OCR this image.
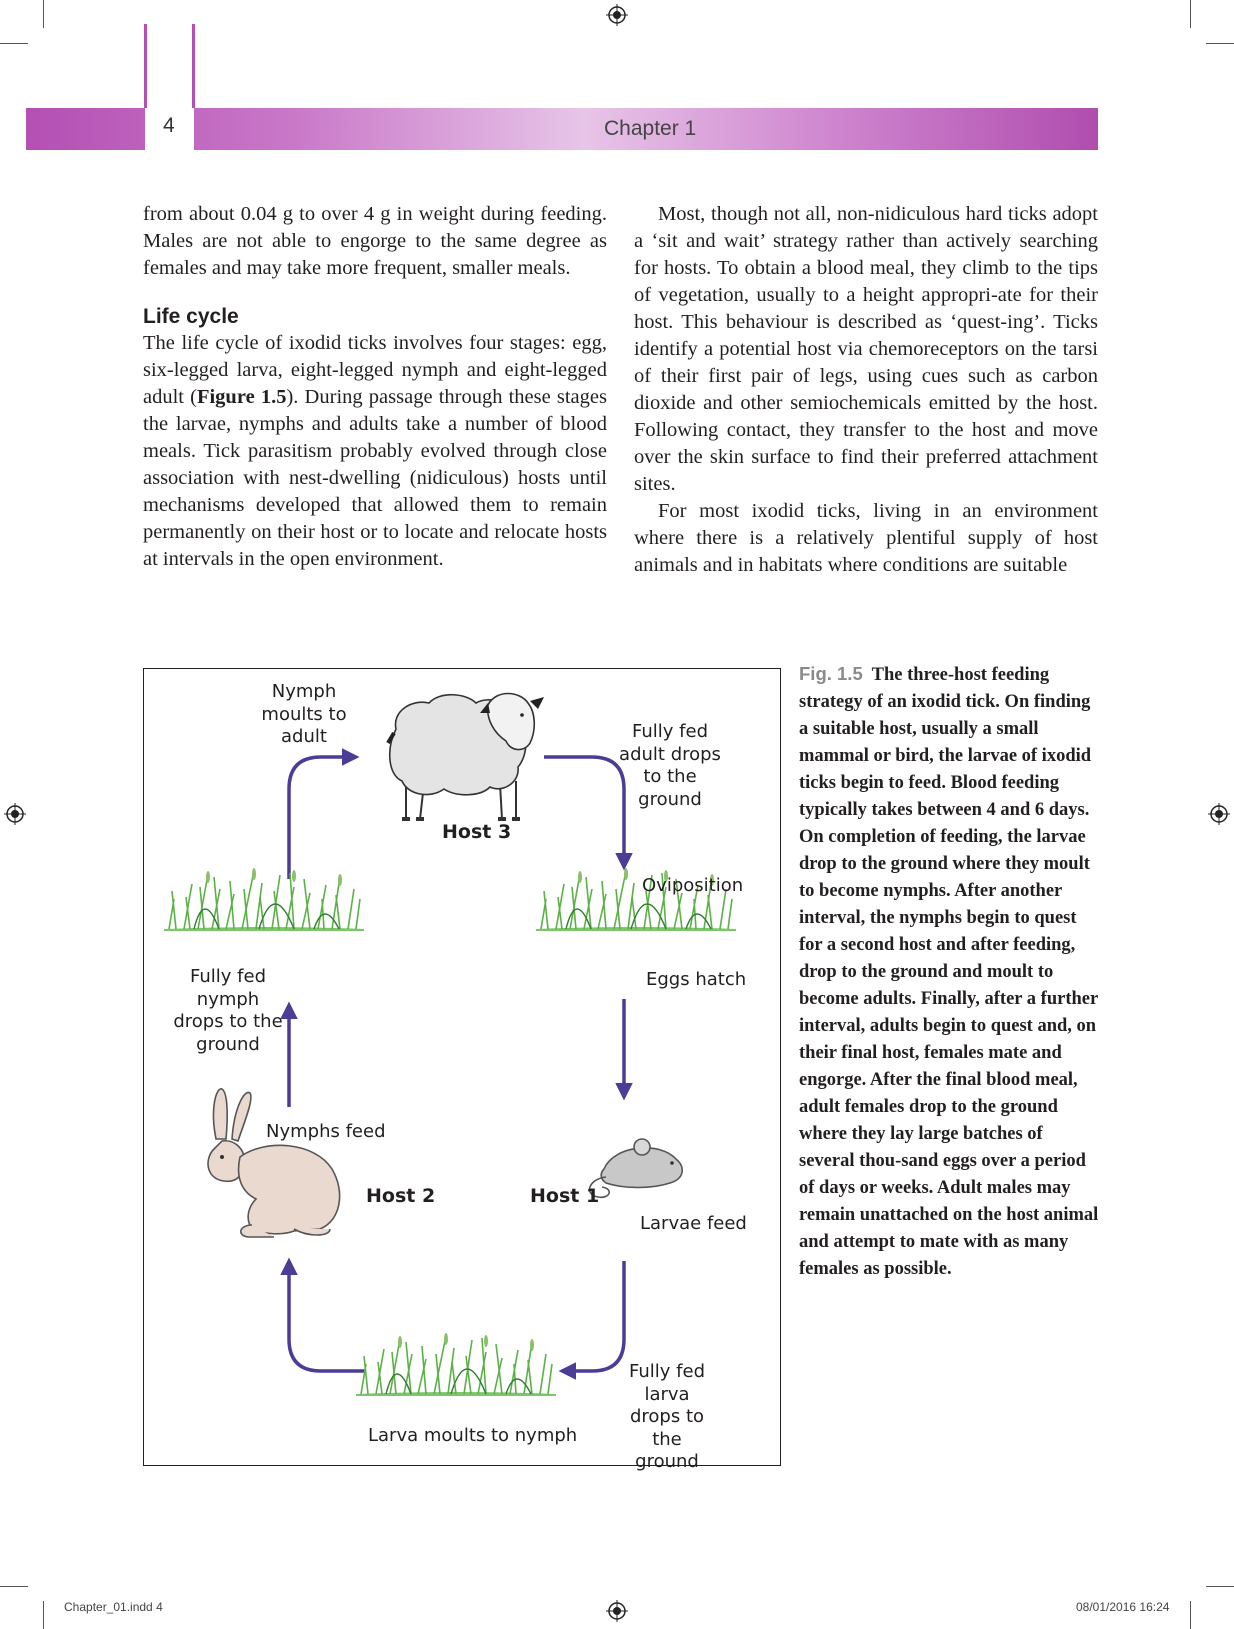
4	Chapter 1

from about 0.04 g to over 4 g in weight during feeding. Males are not able to engorge to the same degree as females and may take more frequent, smaller meals.

Life cycle

The life cycle of ixodid ticks involves four stages: egg, six-legged larva, eight-legged nymph and eight-legged adult (Figure 1.5). During passage through these stages the larvae, nymphs and adults take a number of blood meals. Tick parasitism probably evolved through close association with nest-dwelling (nidiculous) hosts until mechanisms developed that allowed them to remain permanently on their host or to locate and relocate hosts at intervals in the open environment.

Most, though not all, non-nidiculous hard ticks adopt a ‘sit and wait’ strategy rather than actively searching for hosts. To obtain a blood meal, they climb to the tips of vegetation, usually to a height appropri-ate for their host. This behaviour is described as ‘quest-ing’. Ticks identify a potential host via chemoreceptors on the tarsi of their first pair of legs, using cues such as carbon dioxide and other semiochemicals emitted by the host. Following contact, they transfer to the host and move over the skin surface to find their preferred attachment sites.

For most ixodid ticks, living in an environment where there is a relatively plentiful supply of host animals and in habitats where conditions are suitable

Nymph moults to adult
Host 3
Fully fed adult drops to the ground
Oviposition
Eggs hatch
Fully fed nymph drops to the ground
Nymphs feed
Host 2	Host 1
Larvae feed
Fully fed larva drops to the ground
Larva moults to nymph
Fig. 1.5 The three-host feeding strategy of an ixodid tick. On finding a suitable host, usually a small mammal or bird, the larvae of ixodid ticks begin to feed. Blood feeding typically takes between 4 and 6 days. On completion of feeding, the larvae drop to the ground where they moult to become nymphs. After another interval, the nymphs begin to quest for a second host and after feeding, drop to the ground and moult to become adults. Finally, after a further interval, adults begin to quest and, on their final host, females mate and engorge. After the final blood meal, adult females drop to the ground where they lay large batches of several thou-sand eggs over a period of days or weeks. Adult males may remain unattached on the host animal and attempt to mate with as many females as possible.
Chapter_01.indd 4	08/01/2016 16:24
